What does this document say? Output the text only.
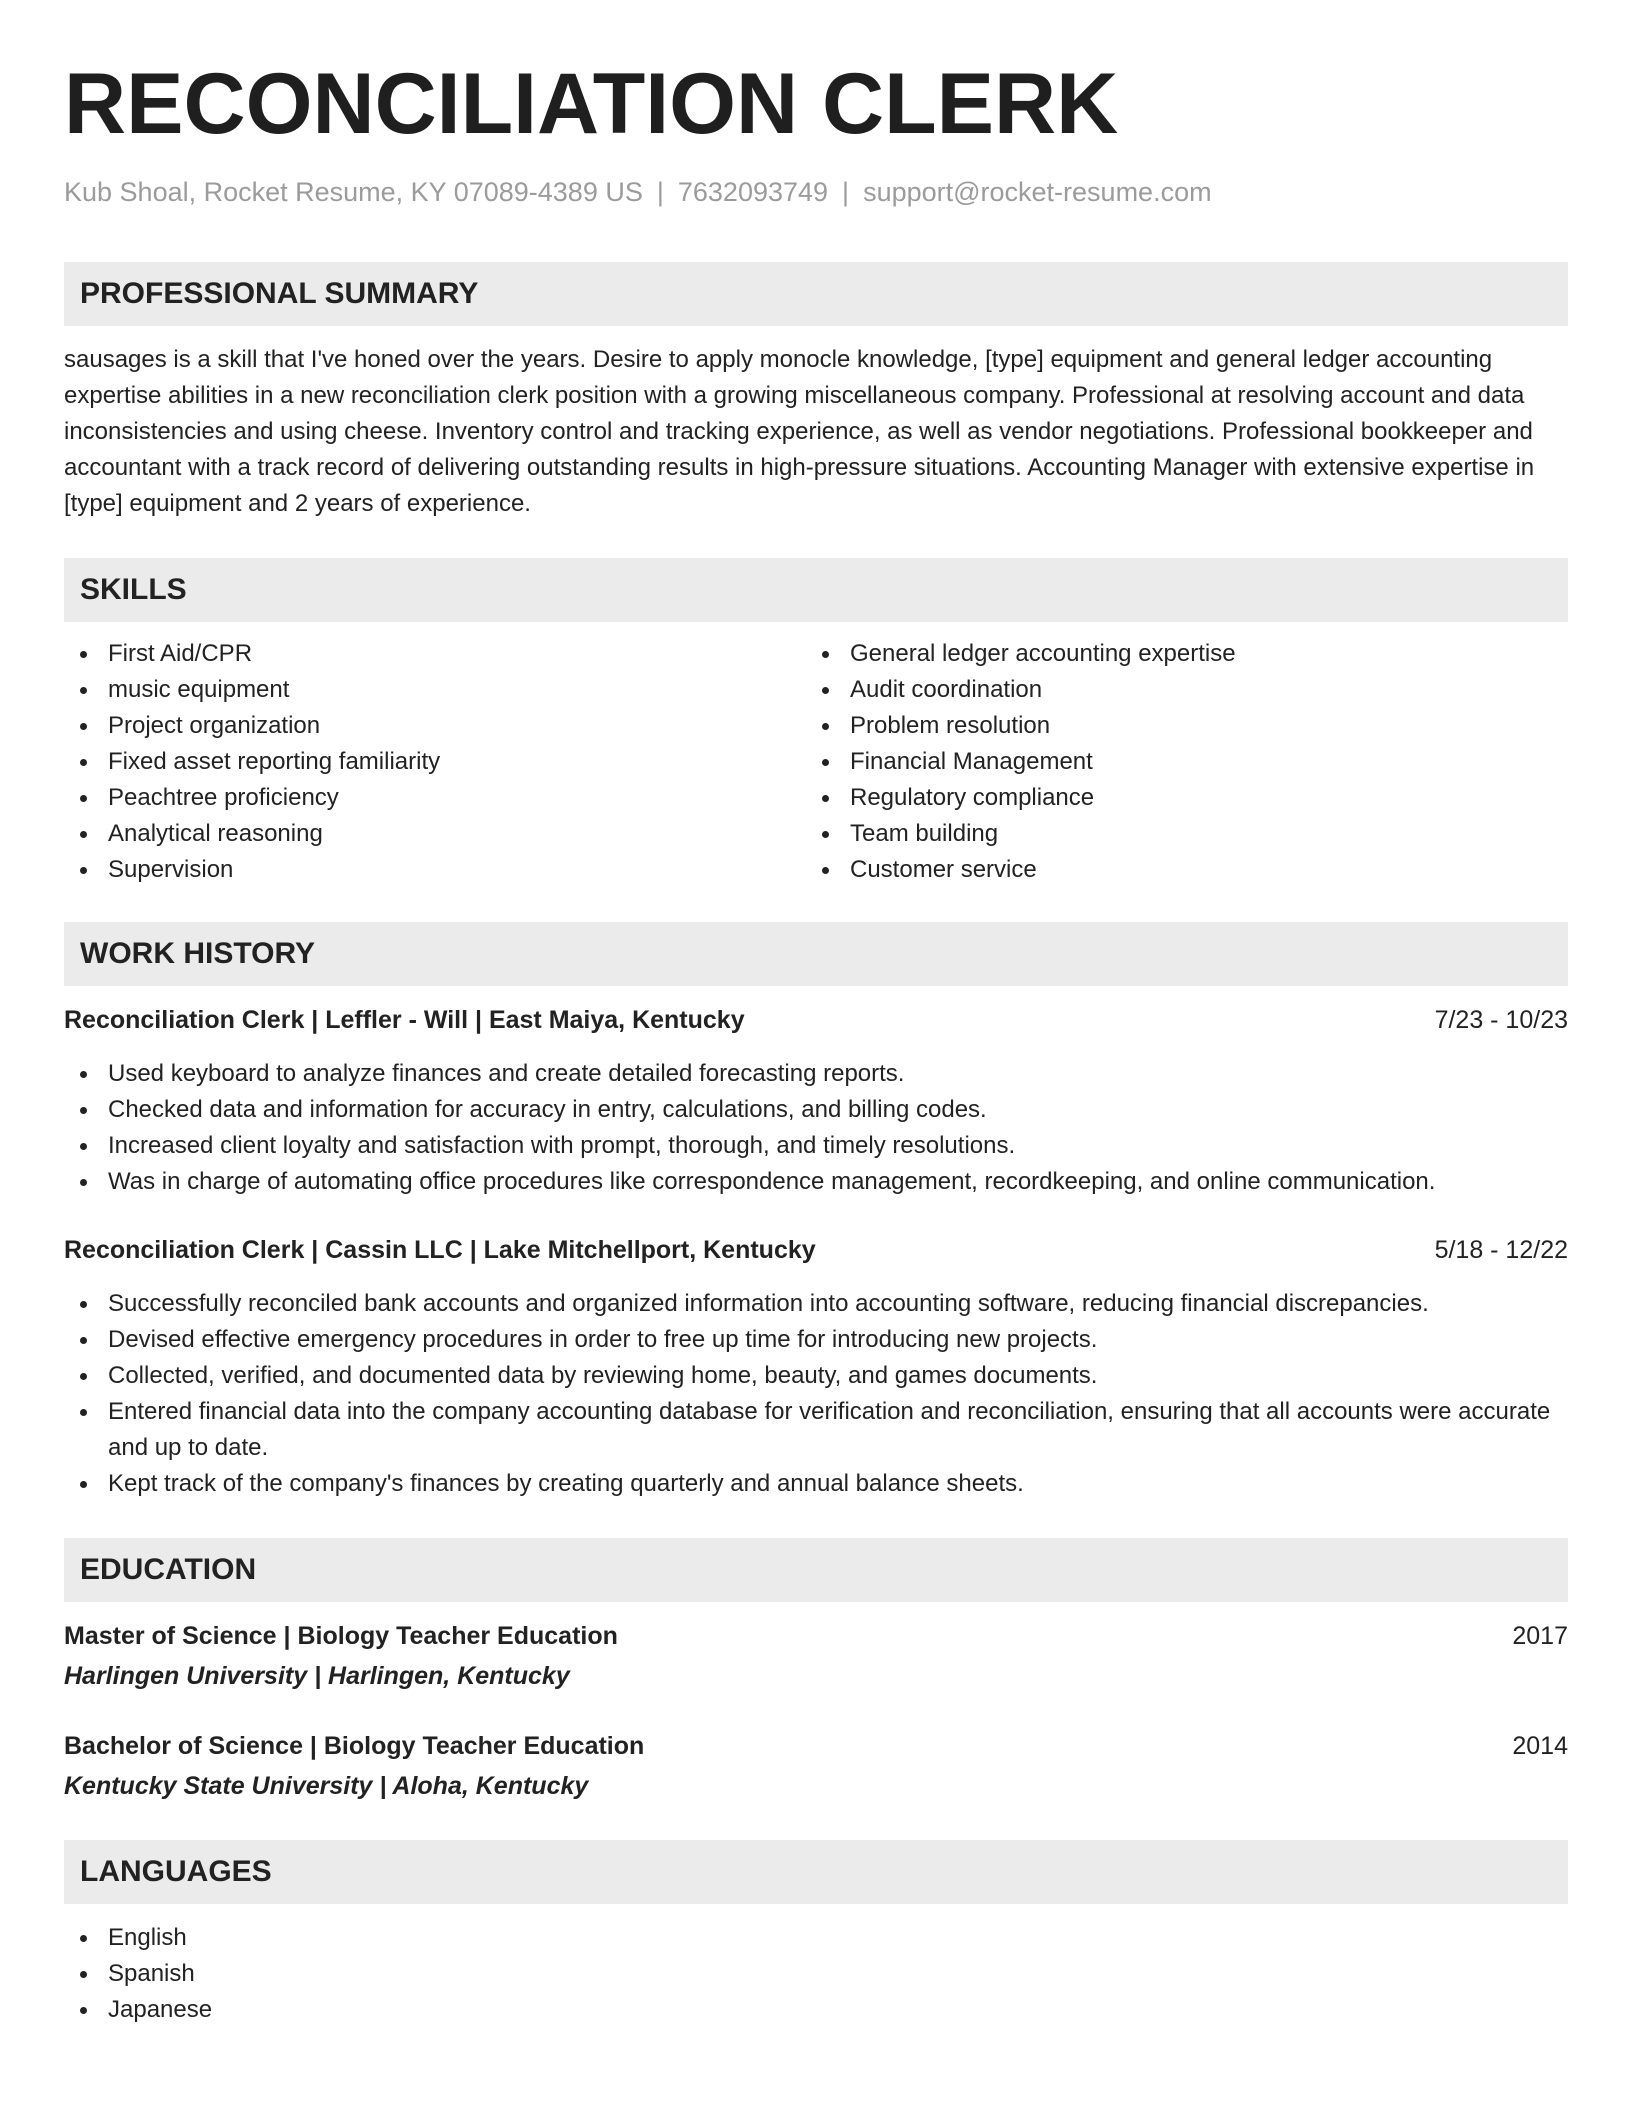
RECONCILIATION CLERK
Kub Shoal, Rocket Resume, KY 07089-4389 US | 7632093749 | support@rocket-resume.com
PROFESSIONAL SUMMARY

sausages is a skill that I've honed over the years. Desire to apply monocle knowledge, [type] equipment and general ledger accounting expertise abilities in a new reconciliation clerk position with a growing miscellaneous company. Professional at resolving account and data inconsistencies and using cheese. Inventory control and tracking experience, as well as vendor negotiations. Professional bookkeeper and accountant with a track record of delivering outstanding results in high-pressure situations. Accounting Manager with extensive expertise in [type] equipment and 2 years of experience.

SKILLS
First Aid/CPR
music equipment
Project organization
Fixed asset reporting familiarity
Peachtree proficiency
Analytical reasoning
Supervision
General ledger accounting expertise
Audit coordination
Problem resolution
Financial Management
Regulatory compliance
Team building
Customer service
WORK HISTORY
Reconciliation Clerk | Leffler - Will | East Maiya, Kentucky	7/23 - 10/23
Used keyboard to analyze finances and create detailed forecasting reports.
Checked data and information for accuracy in entry, calculations, and billing codes.
Increased client loyalty and satisfaction with prompt, thorough, and timely resolutions.
Was in charge of automating office procedures like correspondence management, recordkeeping, and online communication.
Reconciliation Clerk | Cassin LLC | Lake Mitchellport, Kentucky	5/18 - 12/22
Successfully reconciled bank accounts and organized information into accounting software, reducing financial discrepancies.
Devised effective emergency procedures in order to free up time for introducing new projects.
Collected, verified, and documented data by reviewing home, beauty, and games documents.
Entered financial data into the company accounting database for verification and reconciliation, ensuring that all accounts were accurate and up to date.
Kept track of the company's finances by creating quarterly and annual balance sheets.
EDUCATION
Master of Science | Biology Teacher Education	2017
Harlingen University | Harlingen, Kentucky
Bachelor of Science | Biology Teacher Education	2014
Kentucky State University | Aloha, Kentucky
LANGUAGES
English
Spanish
Japanese
